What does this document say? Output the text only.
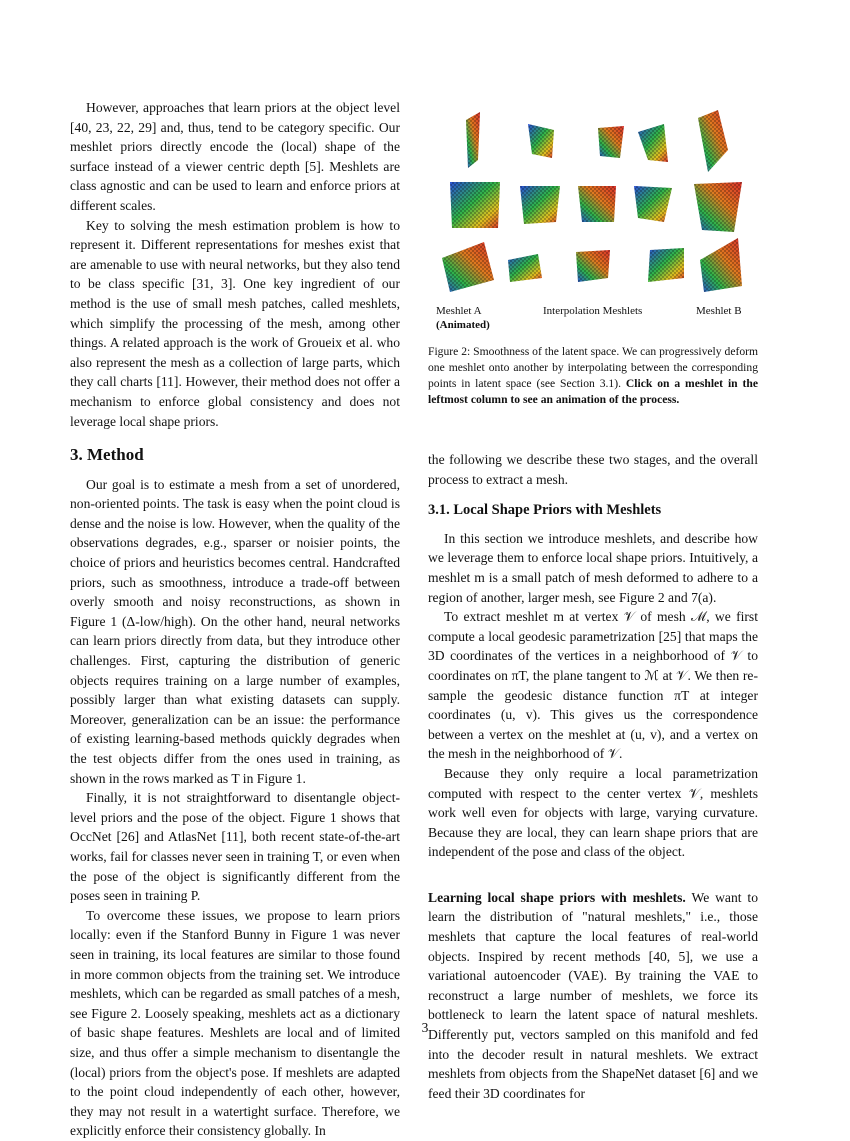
However, approaches that learn priors at the object level [40, 23, 22, 29] and, thus, tend to be category specific. Our meshlet priors directly encode the (local) shape of the surface instead of a viewer centric depth [5]. Meshlets are class agnostic and can be used to learn and enforce priors at different scales.

Key to solving the mesh estimation problem is how to represent it. Different representations for meshes exist that are amenable to use with neural networks, but they also tend to be class specific [31, 3]. One key ingredient of our method is the use of small mesh patches, called meshlets, which simplify the processing of the mesh, among other things. A related approach is the work of Groueix et al. who also represent the mesh as a collection of large parts, which they call charts [11]. However, their method does not offer a mechanism to enforce global consistency and does not leverage local shape priors.

3. Method

Our goal is to estimate a mesh from a set of unordered, non-oriented points. The task is easy when the point cloud is dense and the noise is low. However, when the quality of the observations degrades, e.g., sparser or noisier points, the choice of priors and heuristics becomes central. Handcrafted priors, such as smoothness, introduce a trade-off between overly smooth and noisy reconstructions, as shown in Figure 1 (Δ-low/high). On the other hand, neural networks can learn priors directly from data, but they introduce other challenges. First, capturing the distribution of generic objects requires training on a large number of examples, possibly larger than what existing datasets can supply. Moreover, generalization can be an issue: the performance of existing learning-based methods quickly degrades when the test objects differ from the ones used in training, as shown in the rows marked as T in Figure 1.

Finally, it is not straightforward to disentangle object-level priors and the pose of the object. Figure 1 shows that OccNet [26] and AtlasNet [11], both recent state-of-the-art works, fail for classes never seen in training T, or even when the pose of the object is significantly different from the poses seen in training P.

To overcome these issues, we propose to learn priors locally: even if the Stanford Bunny in Figure 1 was never seen in training, its local features are similar to those found in more common objects from the training set. We introduce meshlets, which can be regarded as small patches of a mesh, see Figure 2. Loosely speaking, meshlets act as a dictionary of basic shape features. Meshlets are local and of limited size, and thus offer a simple mechanism to disentangle the (local) priors from the object's pose. If meshlets are adapted to the point cloud independently of each other, however, they may not result in a watertight surface. Therefore, we explicitly enforce their consistency globally. In

Meshlet A
(Animated)
Interpolation Meshlets	Meshlet B
Figure 2: Smoothness of the latent space. We can progressively deform one meshlet onto another by interpolating between the corresponding points in latent space (see Section 3.1). Click on a meshlet in the leftmost column to see an animation of the process.

the following we describe these two stages, and the overall process to extract a mesh.

3.1. Local Shape Priors with Meshlets

In this section we introduce meshlets, and describe how we leverage them to enforce local shape priors. Intuitively, a meshlet m is a small patch of mesh deformed to adhere to a region of another, larger mesh, see Figure 2 and 7(a).

To extract meshlet m at vertex 𝒱 of mesh ℳ, we first compute a local geodesic parametrization [25] that maps the 3D coordinates of the vertices in a neighborhood of 𝒱 to coordinates on πT, the plane tangent to ℳ at 𝒱. We then re-sample the geodesic distance function πT at integer coordinates (u, v). This gives us the correspondence between a vertex on the meshlet at (u, v), and a vertex on the mesh in the neighborhood of 𝒱.

Because they only require a local parametrization computed with respect to the center vertex 𝒱, meshlets work well even for objects with large, varying curvature. Because they are local, they can learn shape priors that are independent of the pose and class of the object.

Learning local shape priors with meshlets. We want to learn the distribution of "natural meshlets," i.e., those meshlets that capture the local features of real-world objects. Inspired by recent methods [40, 5], we use a variational autoencoder (VAE). By training the VAE to reconstruct a large number of meshlets, we force its bottleneck to learn the latent space of natural meshlets. Differently put, vectors sampled on this manifold and fed into the decoder result in natural meshlets. We extract meshlets from objects from the ShapeNet dataset [6] and we feed their 3D coordinates for

3
